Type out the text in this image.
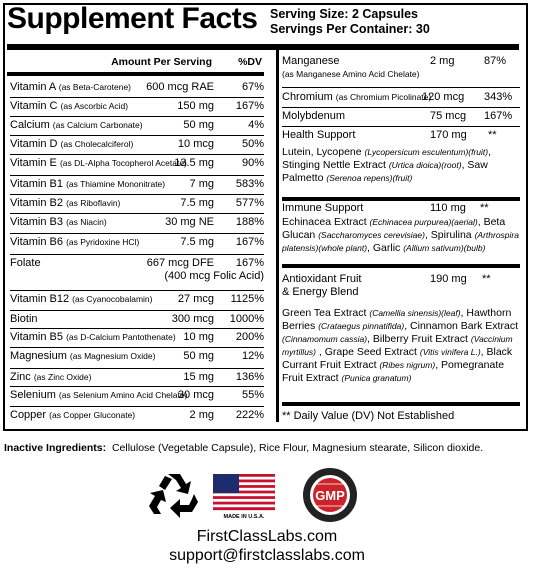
Supplement Facts Serving Size: 2 Capsules
Servings Per Container: 30
Amount Per Serving %DV
Vitamin A (as Beta-Carotene) 600 mcg RAE	67%
Vitamin C (as Ascorbic Acid)	150 mg 167%
Calcium (as Calcium Carbonate)	50 mg	4%
Vitamin D (as Cholecalciferol)	10 mcg	50%
Vitamin E (as DL-Alpha Tocopherol Acetate)
13.5 mg	90%
Vitamin B1 (as Thiamine Mononitrate) 7 mg 583%
Vitamin B2 (as Riboflavin)	7.5 mg 577%
Vitamin B3 (as Niacin)	30 mg NE 188%
Vitamin B6 (as Pyridoxine HCl)	7.5 mg 167%
Folate	667 mcg DFE 167%
(400 mcg Folic Acid)
Vitamin B12 (as Cyanocobalamin) 27 mcg 1125%
Biotin	300 mcg 1000%
Vitamin B5 (as D-Calcium Pantothenate) 10 mg 200%
Magnesium (as Magnesium Oxide)	50 mg	12%
Zinc (as Zinc Oxide)	15 mg 136%
Selenium (as Selenium Amino Acid Chelate)
30 mcg	55%
Copper (as Copper Gluconate)	2 mg 222%
Manganese
(as Manganese Amino Acid Chelate)
2 mg	87%
Chromium (as Chromium Picolinate)
120 mcg 343%
Molybdenum	75 mcg 167%
Health Support	170 mg **
Lutein, Lycopene (Lycopersicum esculentum)(fruit), Stinging Nettle Extract (Urtica dioica)(root), Saw Palmetto (Serenoa repens)(fruit)
Immune Support	110 mg **
Echinacea Extract (Echinacea purpurea)(aerial), Beta Glucan (Saccharomyces cerevisiae), Spirulina (Arthrospira platensis)(whole plant), Garlic (Allium sativum)(bulb)
Antioxidant Fruit
& Energy Blend
190 mg **
Green Tea Extract (Camellia sinensis)(leaf), Hawthorn Berries (Crataegus pinnatifida), Cinnamon Bark Extract (Cinnamomum cassia), Bilberry Fruit Extract (Vaccinium myrtillus) , Grape Seed Extract (Vitis vinifera L.), Black Currant Fruit Extract (Ribes nigrum), Pomegranate Fruit Extract (Punica granatum)
** Daily Value (DV) Not Established
Inactive Ingredients: Cellulose (Vegetable Capsule), Rice Flour, Magnesium stearate, Silicon dioxide.
MADE IN U.S.A.
GMP
FirstClassLabs.com
support@firstclasslabs.com
